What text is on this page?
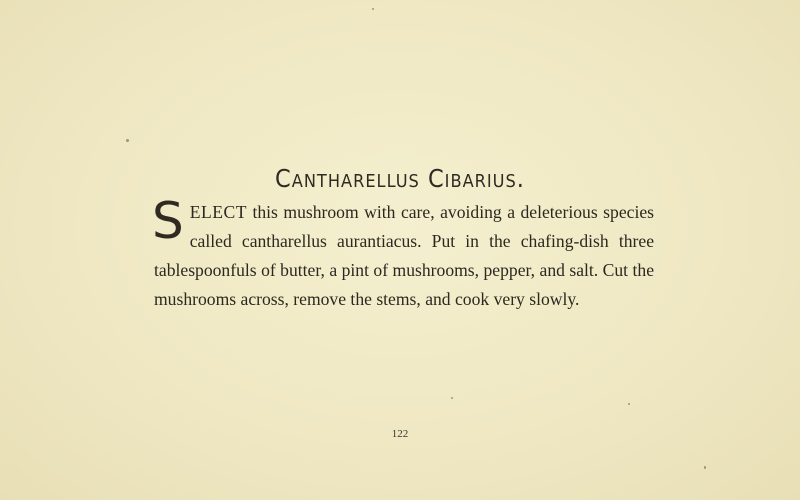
Cantharellus Cibarius.
SELECT this mushroom with care, avoiding a deleterious species called cantharellus aurantiacus. Put in the chafing-dish three tablespoonfuls of butter, a pint of mushrooms, pepper, and salt. Cut the mushrooms across, remove the stems, and cook very slowly.
122
